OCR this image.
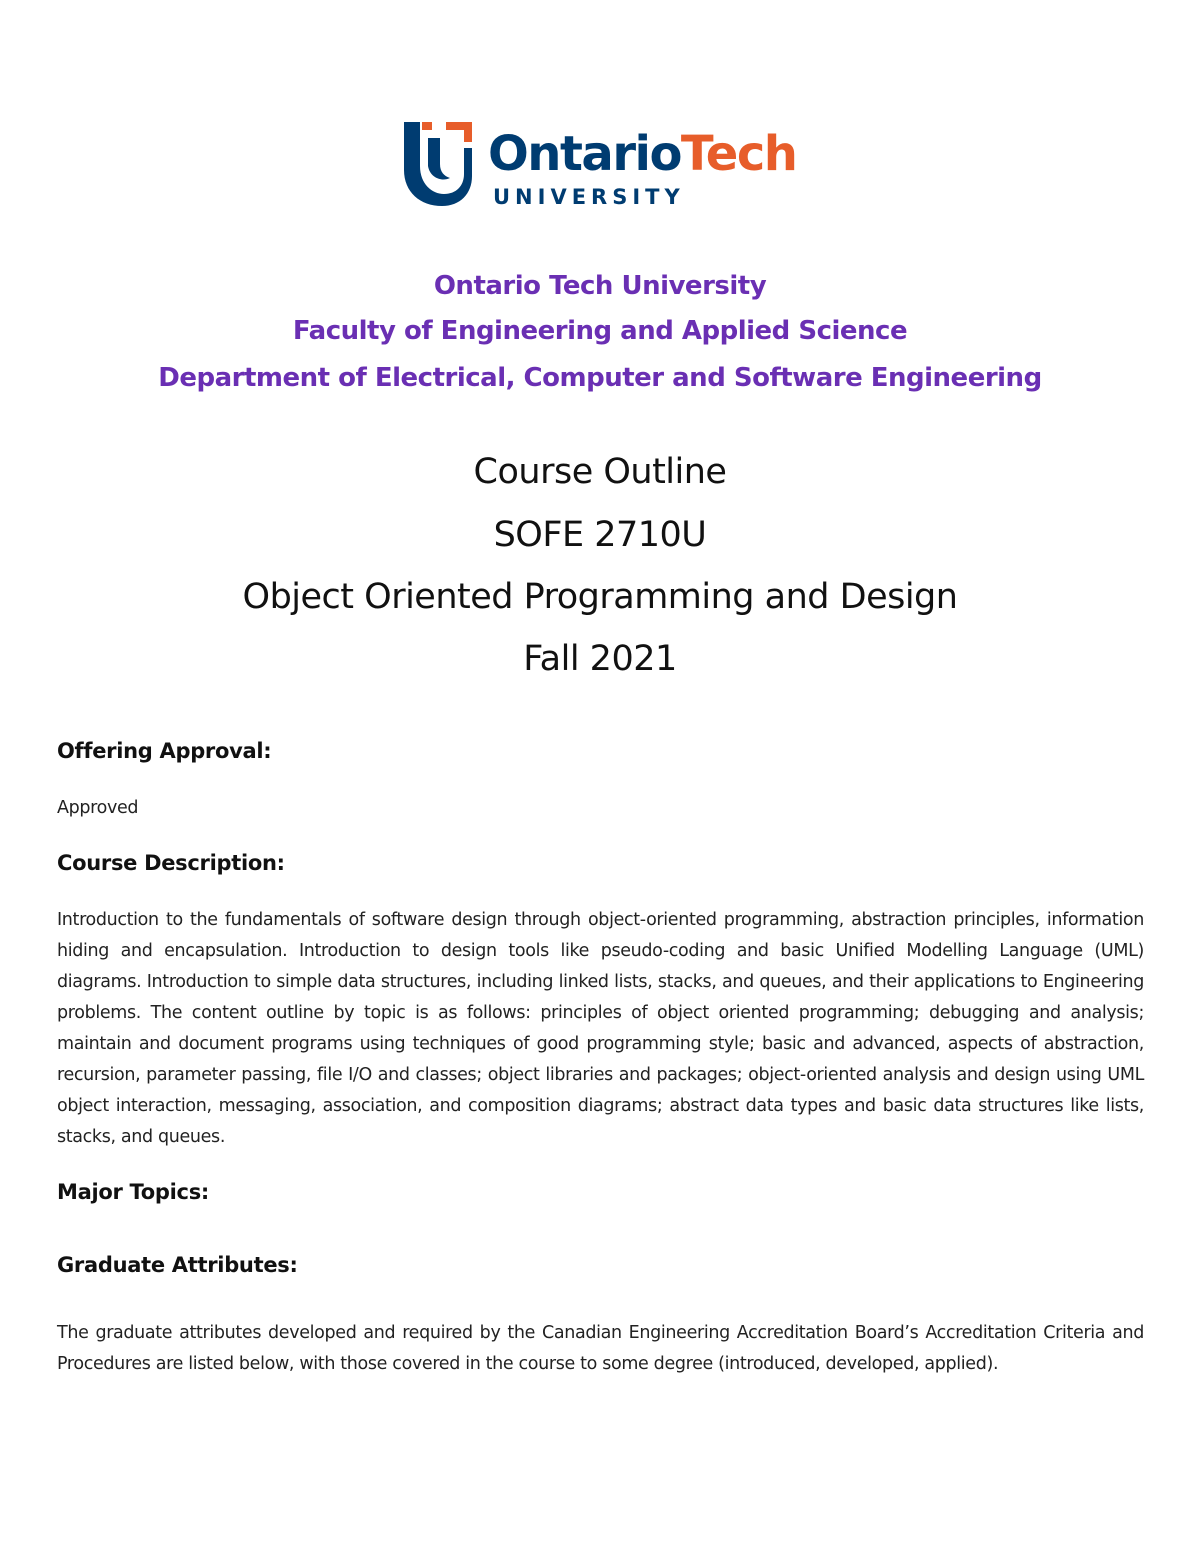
OntarioTech
UNIVERSITY
Ontario Tech University
Faculty of Engineering and Applied Science
Department of Electrical, Computer and Software Engineering
Course Outline
SOFE 2710U
Object Oriented Programming and Design
Fall 2021
Offering Approval:

Approved

Course Description:

Introduction to the fundamentals of software design through object-oriented programming, abstraction principles, information hiding and encapsulation. Introduction to design tools like pseudo-coding and basic Unified Modelling Language (UML) diagrams. Introduction to simple data structures, including linked lists, stacks, and queues, and their applications to Engineering problems. The content outline by topic is as follows: principles of object oriented programming; debugging and analysis; maintain and document programs using techniques of good programming style; basic and advanced, aspects of abstraction, recursion, parameter passing, file I/O and classes; object libraries and packages; object-oriented analysis and design using UML object interaction, messaging, association, and composition diagrams; abstract data types and basic data structures like lists, stacks, and queues.

Major Topics:
Graduate Attributes:

The graduate attributes developed and required by the Canadian Engineering Accreditation Board’s Accreditation Criteria and Procedures are listed below, with those covered in the course to some degree (introduced, developed, applied).
